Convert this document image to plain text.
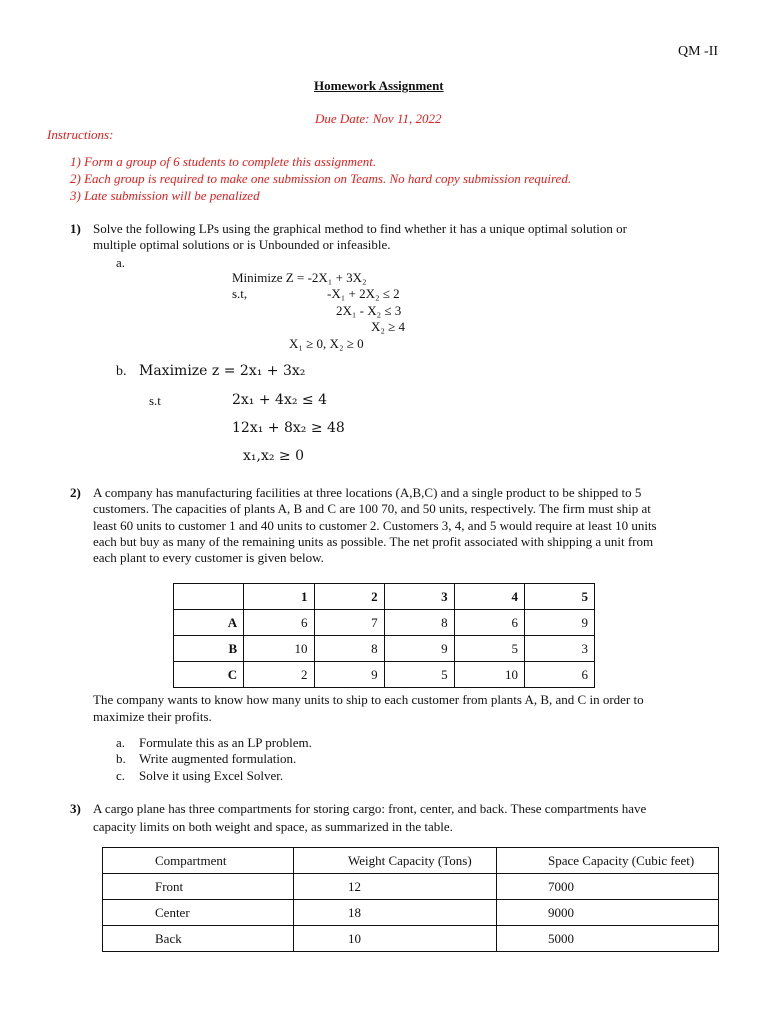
QM -II
Homework Assignment
Due Date: Nov 11, 2022
Instructions:
1) Form a group of 6 students to complete this assignment.
2) Each group is required to make one submission on Teams. No hard copy submission required.
3) Late submission will be penalized
1) Solve the following LPs using the graphical method to find whether it has a unique optimal solution or
multiple optimal solutions or is Unbounded or infeasible.
a.
Minimize Z = -2X₁ + 3X₂
s.t,	-X₁ + 2X₂ ≤ 2
2X₁ - X₂ ≤ 3
X₂ ≥ 4
X₁ ≥ 0, X₂ ≥ 0
b. Maximize z = 2x₁ + 3x₂
s.t	2x₁ + 4x₂ ≤ 4
12x₁ + 8x₂ ≥ 48
x₁,x₂ ≥ 0
2) A company has manufacturing facilities at three locations (A,B,C) and a single product to be shipped to 5
customers. The capacities of plants A, B and C are 100 70, and 50 units, respectively. The firm must ship at
least 60 units to customer 1 and 40 units to customer 2. Customers 3, 4, and 5 would require at least 10 units
each but buy as many of the remaining units as possible. The net profit associated with shipping a unit from
each plant to every customer is given below.
	1	2	3	4	5
A	6	7	8	6	9
B	10	8	9	5	3
C	2	9	5	10	6
The company wants to know how many units to ship to each customer from plants A, B, and C in order to
maximize their profits.
a. Formulate this as an LP problem.
b. Write augmented formulation.
c. Solve it using Excel Solver.
3) A cargo plane has three compartments for storing cargo: front, center, and back. These compartments have
capacity limits on both weight and space, as summarized in the table.
Compartment	Weight Capacity (Tons)	Space Capacity (Cubic feet)
Front	12	7000
Center	18	9000
Back	10	5000
